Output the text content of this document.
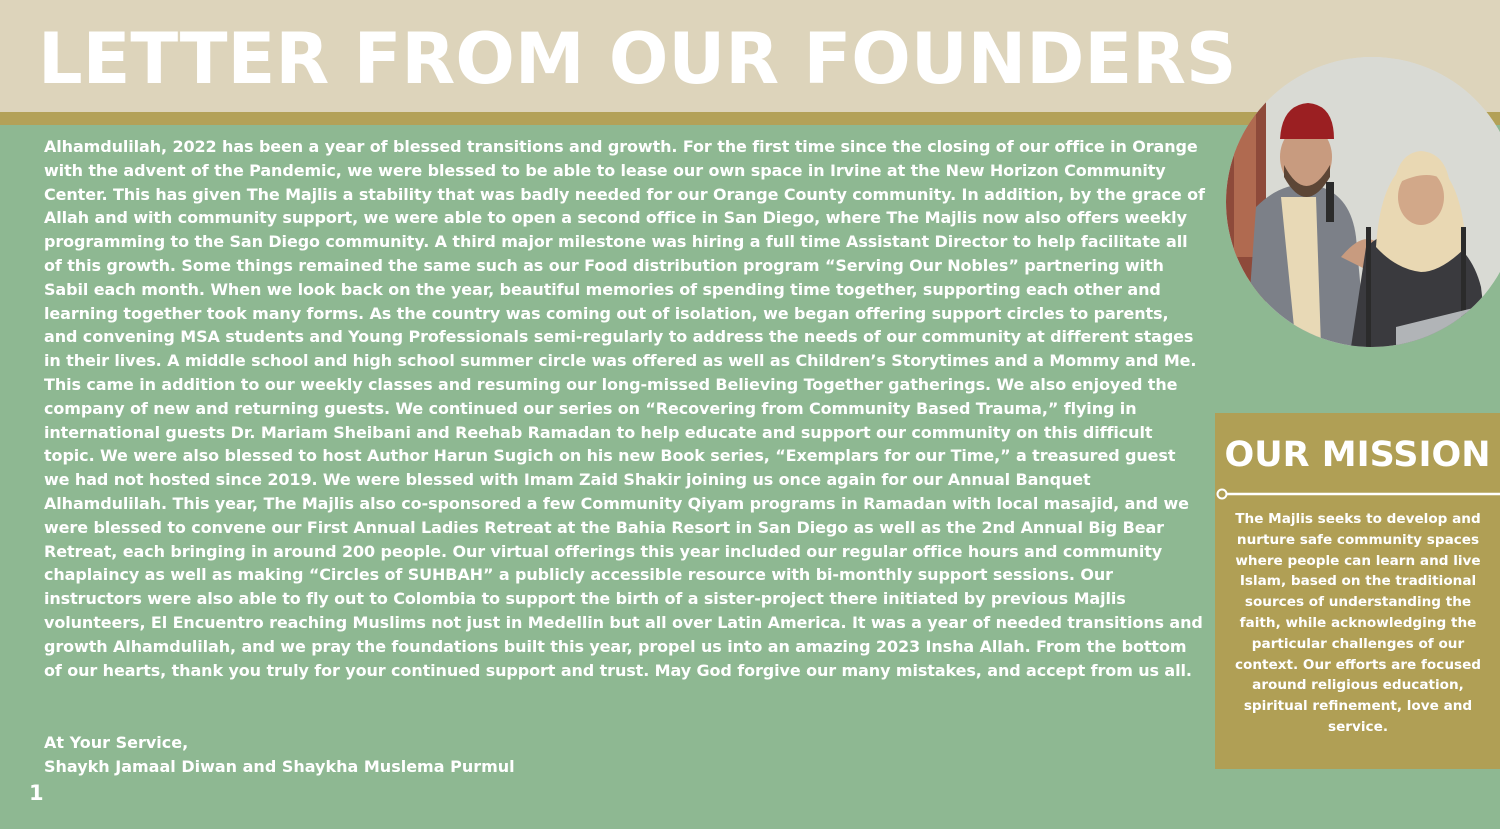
LETTER FROM OUR FOUNDERS

Alhamdulilah, 2022 has been a year of blessed transitions and growth. For the first time since the closing of our office in Orange with the advent of the Pandemic, we were blessed to be able to lease our own space in Irvine at the New Horizon Community Center. This has given The Majlis a stability that was badly needed for our Orange County community. In addition, by the grace of Allah and with community support, we were able to open a second office in San Diego, where The Majlis now also offers weekly programming to the San Diego community. A third major milestone was hiring a full time Assistant Director to help facilitate all of this growth. Some things remained the same such as our Food distribution program “Serving Our Nobles” partnering with Sabil each month. When we look back on the year, beautiful memories of spending time together, supporting each other and learning together took many forms. As the country was coming out of isolation, we began offering support circles to parents, and convening MSA students and Young Professionals semi-regularly to address the needs of our community at different stages in their lives. A middle school and high school summer circle was offered as well as Children’s Storytimes and a Mommy and Me. This came in addition to our weekly classes and resuming our long-missed Believing Together gatherings. We also enjoyed the company of new and returning guests. We continued our series on “Recovering from Community Based Trauma,” flying in international guests Dr. Mariam Sheibani and Reehab Ramadan to help educate and support our community on this difficult topic. We were also blessed to host Author Harun Sugich on his new Book series, “Exemplars for our Time,” a treasured guest we had not hosted since 2019. We were blessed with Imam Zaid Shakir joining us once again for our Annual Banquet Alhamdulilah. This year, The Majlis also co-sponsored a few Community Qiyam programs in Ramadan with local masajid, and we were blessed to convene our First Annual Ladies Retreat at the Bahia Resort in San Diego as well as the 2nd Annual Big Bear Retreat, each bringing in around 200 people. Our virtual offerings this year included our regular office hours and community chaplaincy as well as making “Circles of SUHBAH” a publicly accessible resource with bi-monthly support sessions. Our instructors were also able to fly out to Colombia to support the birth of a sister-project there initiated by previous Majlis volunteers, El Encuentro reaching Muslims not just in Medellin but all over Latin America. It was a year of needed transitions and growth Alhamdulilah, and we pray the foundations built this year, propel us into an amazing 2023 Insha Allah. From the bottom of our hearts, thank you truly for your continued support and trust. May God forgive our many mistakes, and accept from us all.

At Your Service,
Shaykh Jamaal Diwan and Shaykha Muslema Purmul
1
OUR MISSION
The Majlis seeks to develop and nurture safe community spaces where people can learn and live Islam, based on the traditional sources of understanding the faith, while acknowledging the particular challenges of our context. Our efforts are focused around religious education, spiritual refinement, love and service.
